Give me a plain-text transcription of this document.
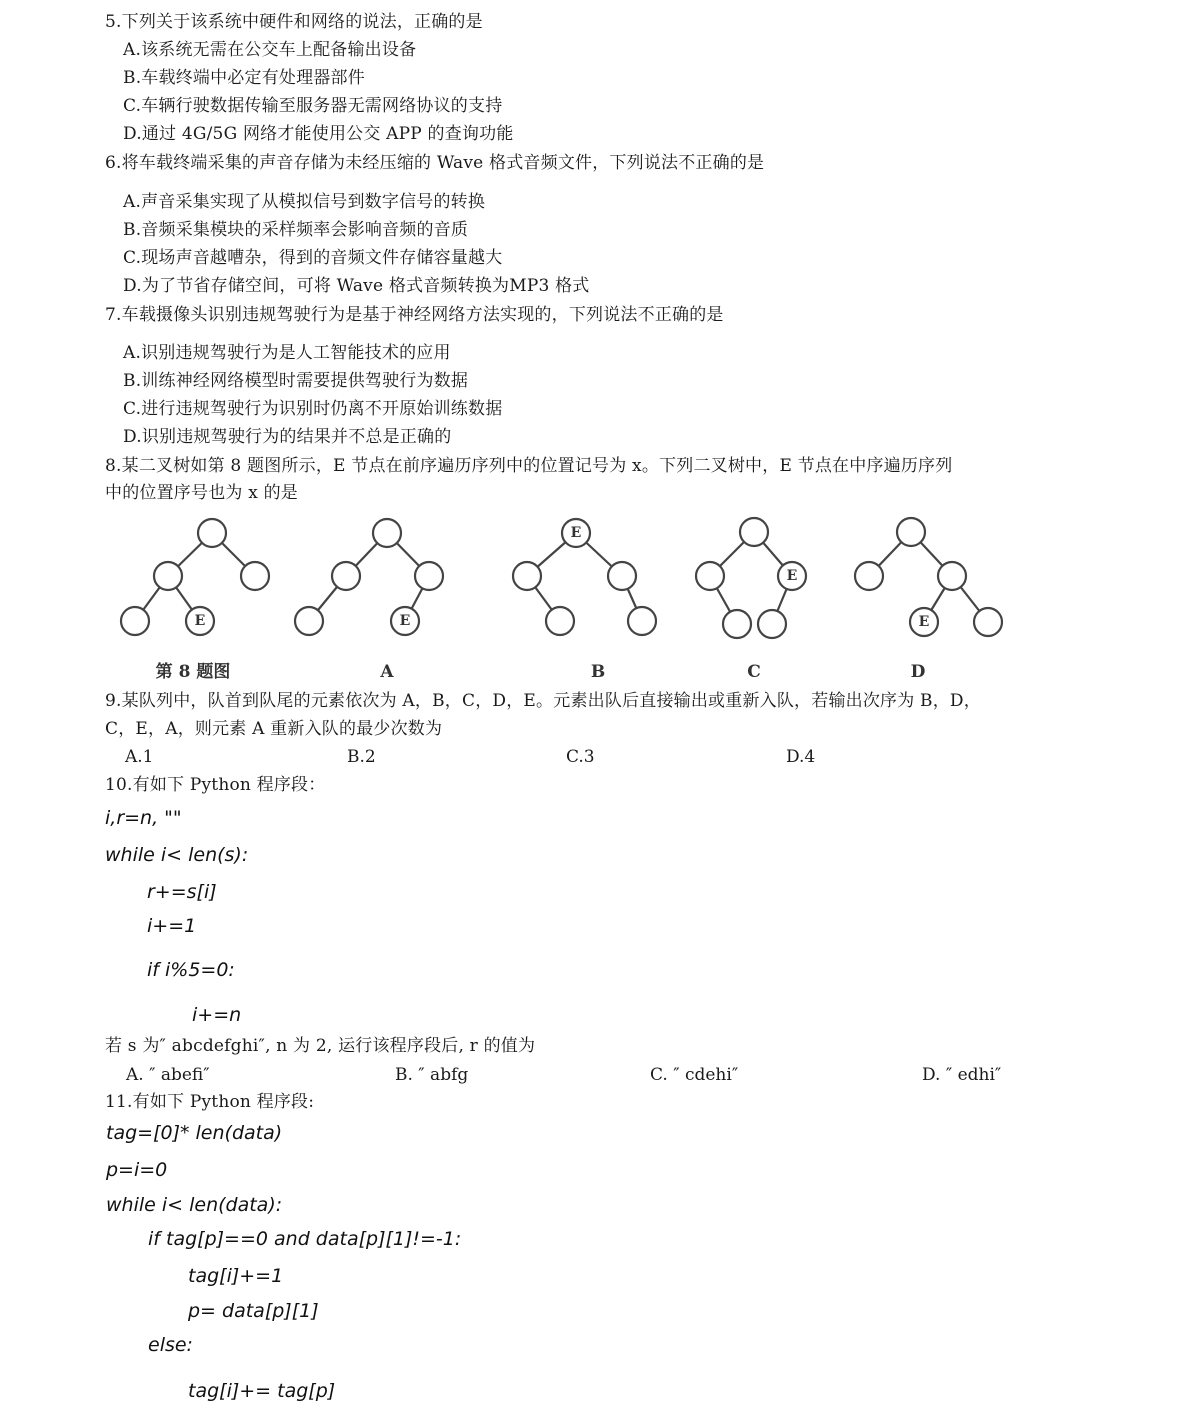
5.下列关于该系统中硬件和网络的说法，正确的是
A.该系统无需在公交车上配备输出设备
B.车载终端中必定有处理器部件
C.车辆行驶数据传输至服务器无需网络协议的支持
D.通过 4G/5G 网络才能使用公交 APP 的查询功能
6.将车载终端采集的声音存储为未经压缩的 Wave 格式音频文件，下列说法不正确的是
A.声音采集实现了从模拟信号到数字信号的转换
B.音频采集模块的采样频率会影响音频的音质
C.现场声音越嘈杂，得到的音频文件存储容量越大
D.为了节省存储空间，可将 Wave 格式音频转换为MP3 格式
7.车载摄像头识别违规驾驶行为是基于神经网络方法实现的，下列说法不正确的是
A.识别违规驾驶行为是人工智能技术的应用
B.训练神经网络模型时需要提供驾驶行为数据
C.进行违规驾驶行为识别时仍离不开原始训练数据
D.识别违规驾驶行为的结果并不总是正确的
8.某二叉树如第 8 题图所示，E 节点在前序遍历序列中的位置记号为 x。下列二叉树中，E 节点在中序遍历序列
中的位置序号也为 x 的是
E
第 8 题图
E
A
E
B
E
C
E
D
9.某队列中，队首到队尾的元素依次为 A，B，C，D，E。元素出队后直接输出或重新入队，若输出次序为 B，D，
C，E，A，则元素 A 重新入队的最少次数为
A.1	B.2	C.3	D.4
10.有如下 Python 程序段：
i,r=n, ""
while i< len(s):
r+=s[i]
i+=1
if i%5=0:
i+=n
若 s 为″ abcdefghi″, n 为 2, 运行该程序段后, r 的值为
A. ″ abefi″	B. ″ abfg	C. ″ cdehi″	D. ″ edhi″
11.有如下 Python 程序段:
tag=[0]* len(data)
p=i=0
while i< len(data):
if tag[p]==0 and data[p][1]!=-1:
tag[i]+=1
p= data[p][1]
else:
tag[i]+= tag[p]
